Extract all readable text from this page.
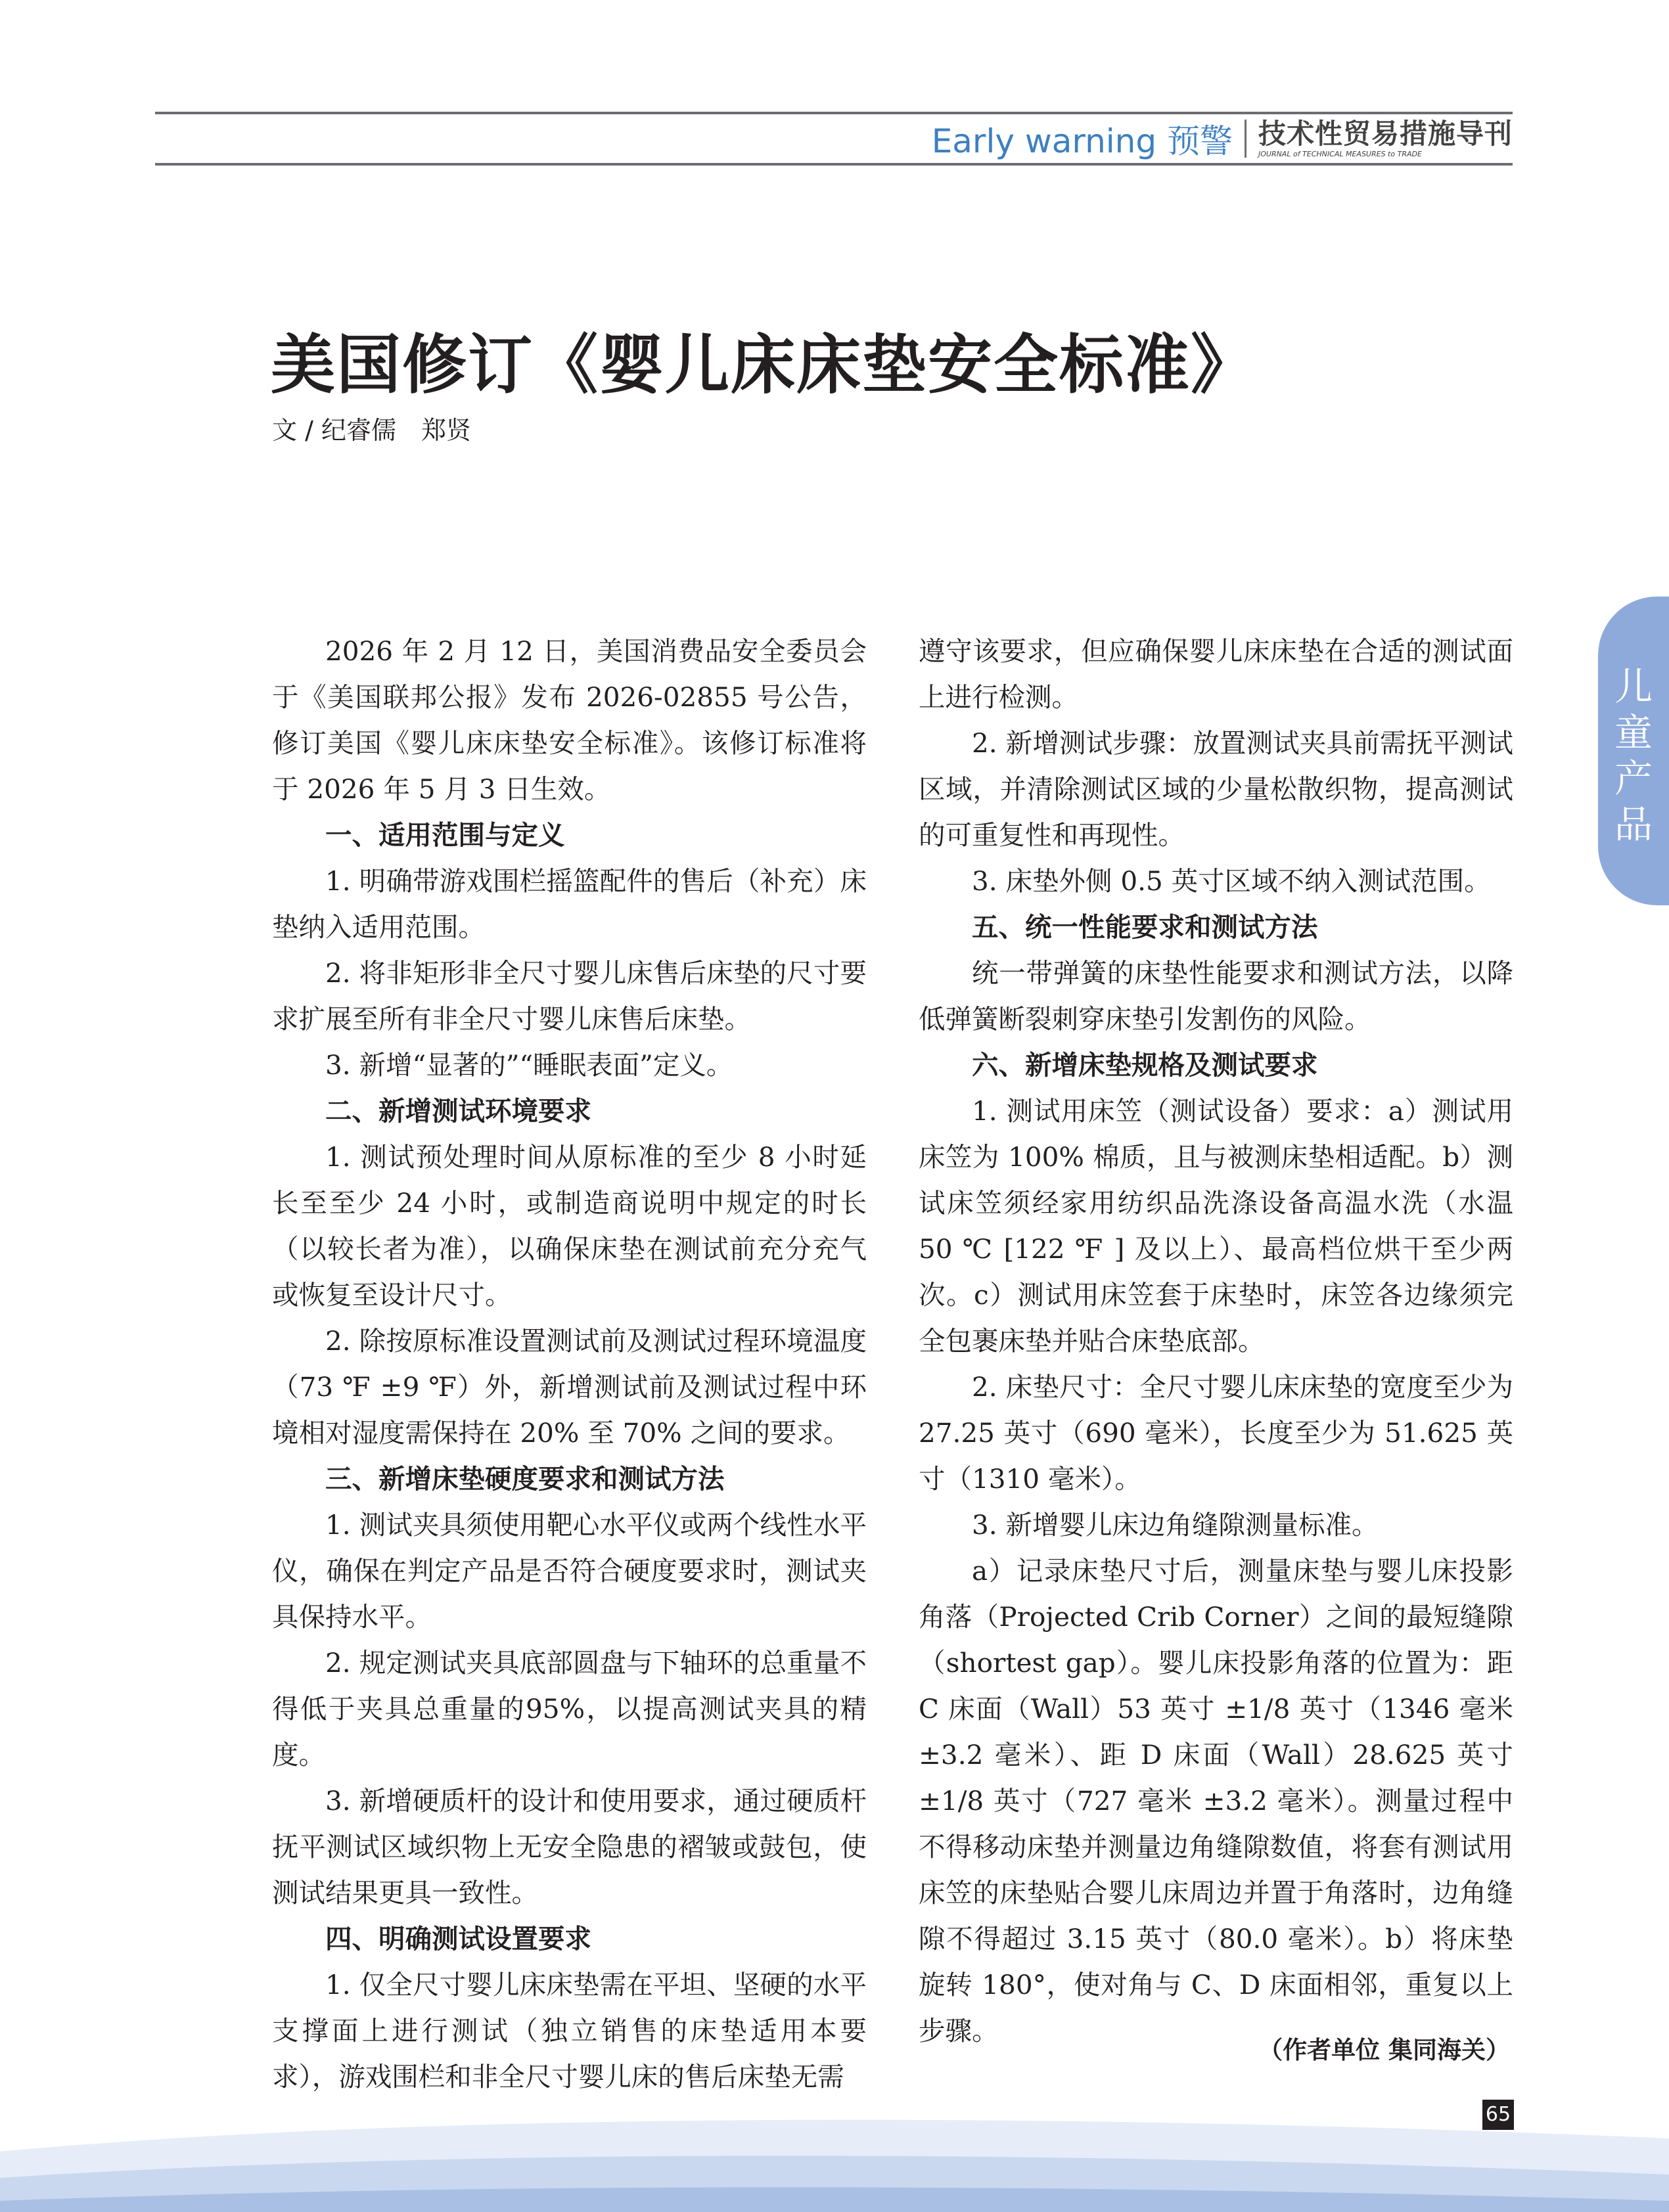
Early warning 预警 技术性贸易措施导刊
JOURNAL of TECHNICAL MEASURES to TRADE
美国修订《婴儿床床垫安全标准》
文 / 纪睿儒　郑贤

2026 年 2 月 12 日，美国消费品安全委员会于《美国联邦公报》发布 2026-02855 号公告，修订美国《婴儿床床垫安全标准》。该修订标准将于 2026 年 5 月 3 日生效。

一、适用范围与定义

1. 明确带游戏围栏摇篮配件的售后（补充）床垫纳入适用范围。

2. 将非矩形非全尺寸婴儿床售后床垫的尺寸要求扩展至所有非全尺寸婴儿床售后床垫。

3. 新增“显著的”“睡眠表面”定义。

二、新增测试环境要求

1. 测试预处理时间从原标准的至少 8 小时延长至至少 24 小时，或制造商说明中规定的时长（以较长者为准），以确保床垫在测试前充分充气或恢复至设计尺寸。

2. 除按原标准设置测试前及测试过程环境温度（73 ℉ ±9 ℉）外，新增测试前及测试过程中环境相对湿度需保持在 20% 至 70% 之间的要求。

三、新增床垫硬度要求和测试方法

1. 测试夹具须使用靶心水平仪或两个线性水平仪，确保在判定产品是否符合硬度要求时，测试夹具保持水平。

2. 规定测试夹具底部圆盘与下轴环的总重量不得低于夹具总重量的95%，以提高测试夹具的精度。

3. 新增硬质杆的设计和使用要求，通过硬质杆抚平测试区域织物上无安全隐患的褶皱或鼓包，使测试结果更具一致性。

四、明确测试设置要求

1. 仅全尺寸婴儿床床垫需在平坦、坚硬的水平支撑面上进行测试（独立销售的床垫适用本要求），游戏围栏和非全尺寸婴儿床的售后床垫无需

遵守该要求，但应确保婴儿床床垫在合适的测试面上进行检测。

2. 新增测试步骤：放置测试夹具前需抚平测试区域，并清除测试区域的少量松散织物，提高测试的可重复性和再现性。

3. 床垫外侧 0.5 英寸区域不纳入测试范围。

五、统一性能要求和测试方法

统一带弹簧的床垫性能要求和测试方法，以降低弹簧断裂刺穿床垫引发割伤的风险。

六、新增床垫规格及测试要求

1. 测试用床笠（测试设备）要求：a）测试用床笠为 100% 棉质，且与被测床垫相适配。b）测试床笠须经家用纺织品洗涤设备高温水洗（水温 50 ℃ [122 ℉ ] 及以上）、最高档位烘干至少两次。c）测试用床笠套于床垫时，床笠各边缘须完全包裹床垫并贴合床垫底部。

2. 床垫尺寸：全尺寸婴儿床床垫的宽度至少为 27.25 英寸（690 毫米），长度至少为 51.625 英寸（1310 毫米）。

3. 新增婴儿床边角缝隙测量标准。

a）记录床垫尺寸后，测量床垫与婴儿床投影角落（Projected Crib Corner）之间的最短缝隙（shortest gap）。婴儿床投影角落的位置为：距 C 床面（Wall）53 英寸 ±1/8 英寸（1346 毫米 ±3.2 毫米）、距 D 床面（Wall）28.625 英寸 ±1/8 英寸（727 毫米 ±3.2 毫米）。测量过程中不得移动床垫并测量边角缝隙数值，将套有测试用床笠的床垫贴合婴儿床周边并置于角落时，边角缝隙不得超过 3.15 英寸（80.0 毫米）。b）将床垫旋转 180°，使对角与 C、D 床面相邻，重复以上步骤。

（作者单位 集同海关）
儿童产品
65
